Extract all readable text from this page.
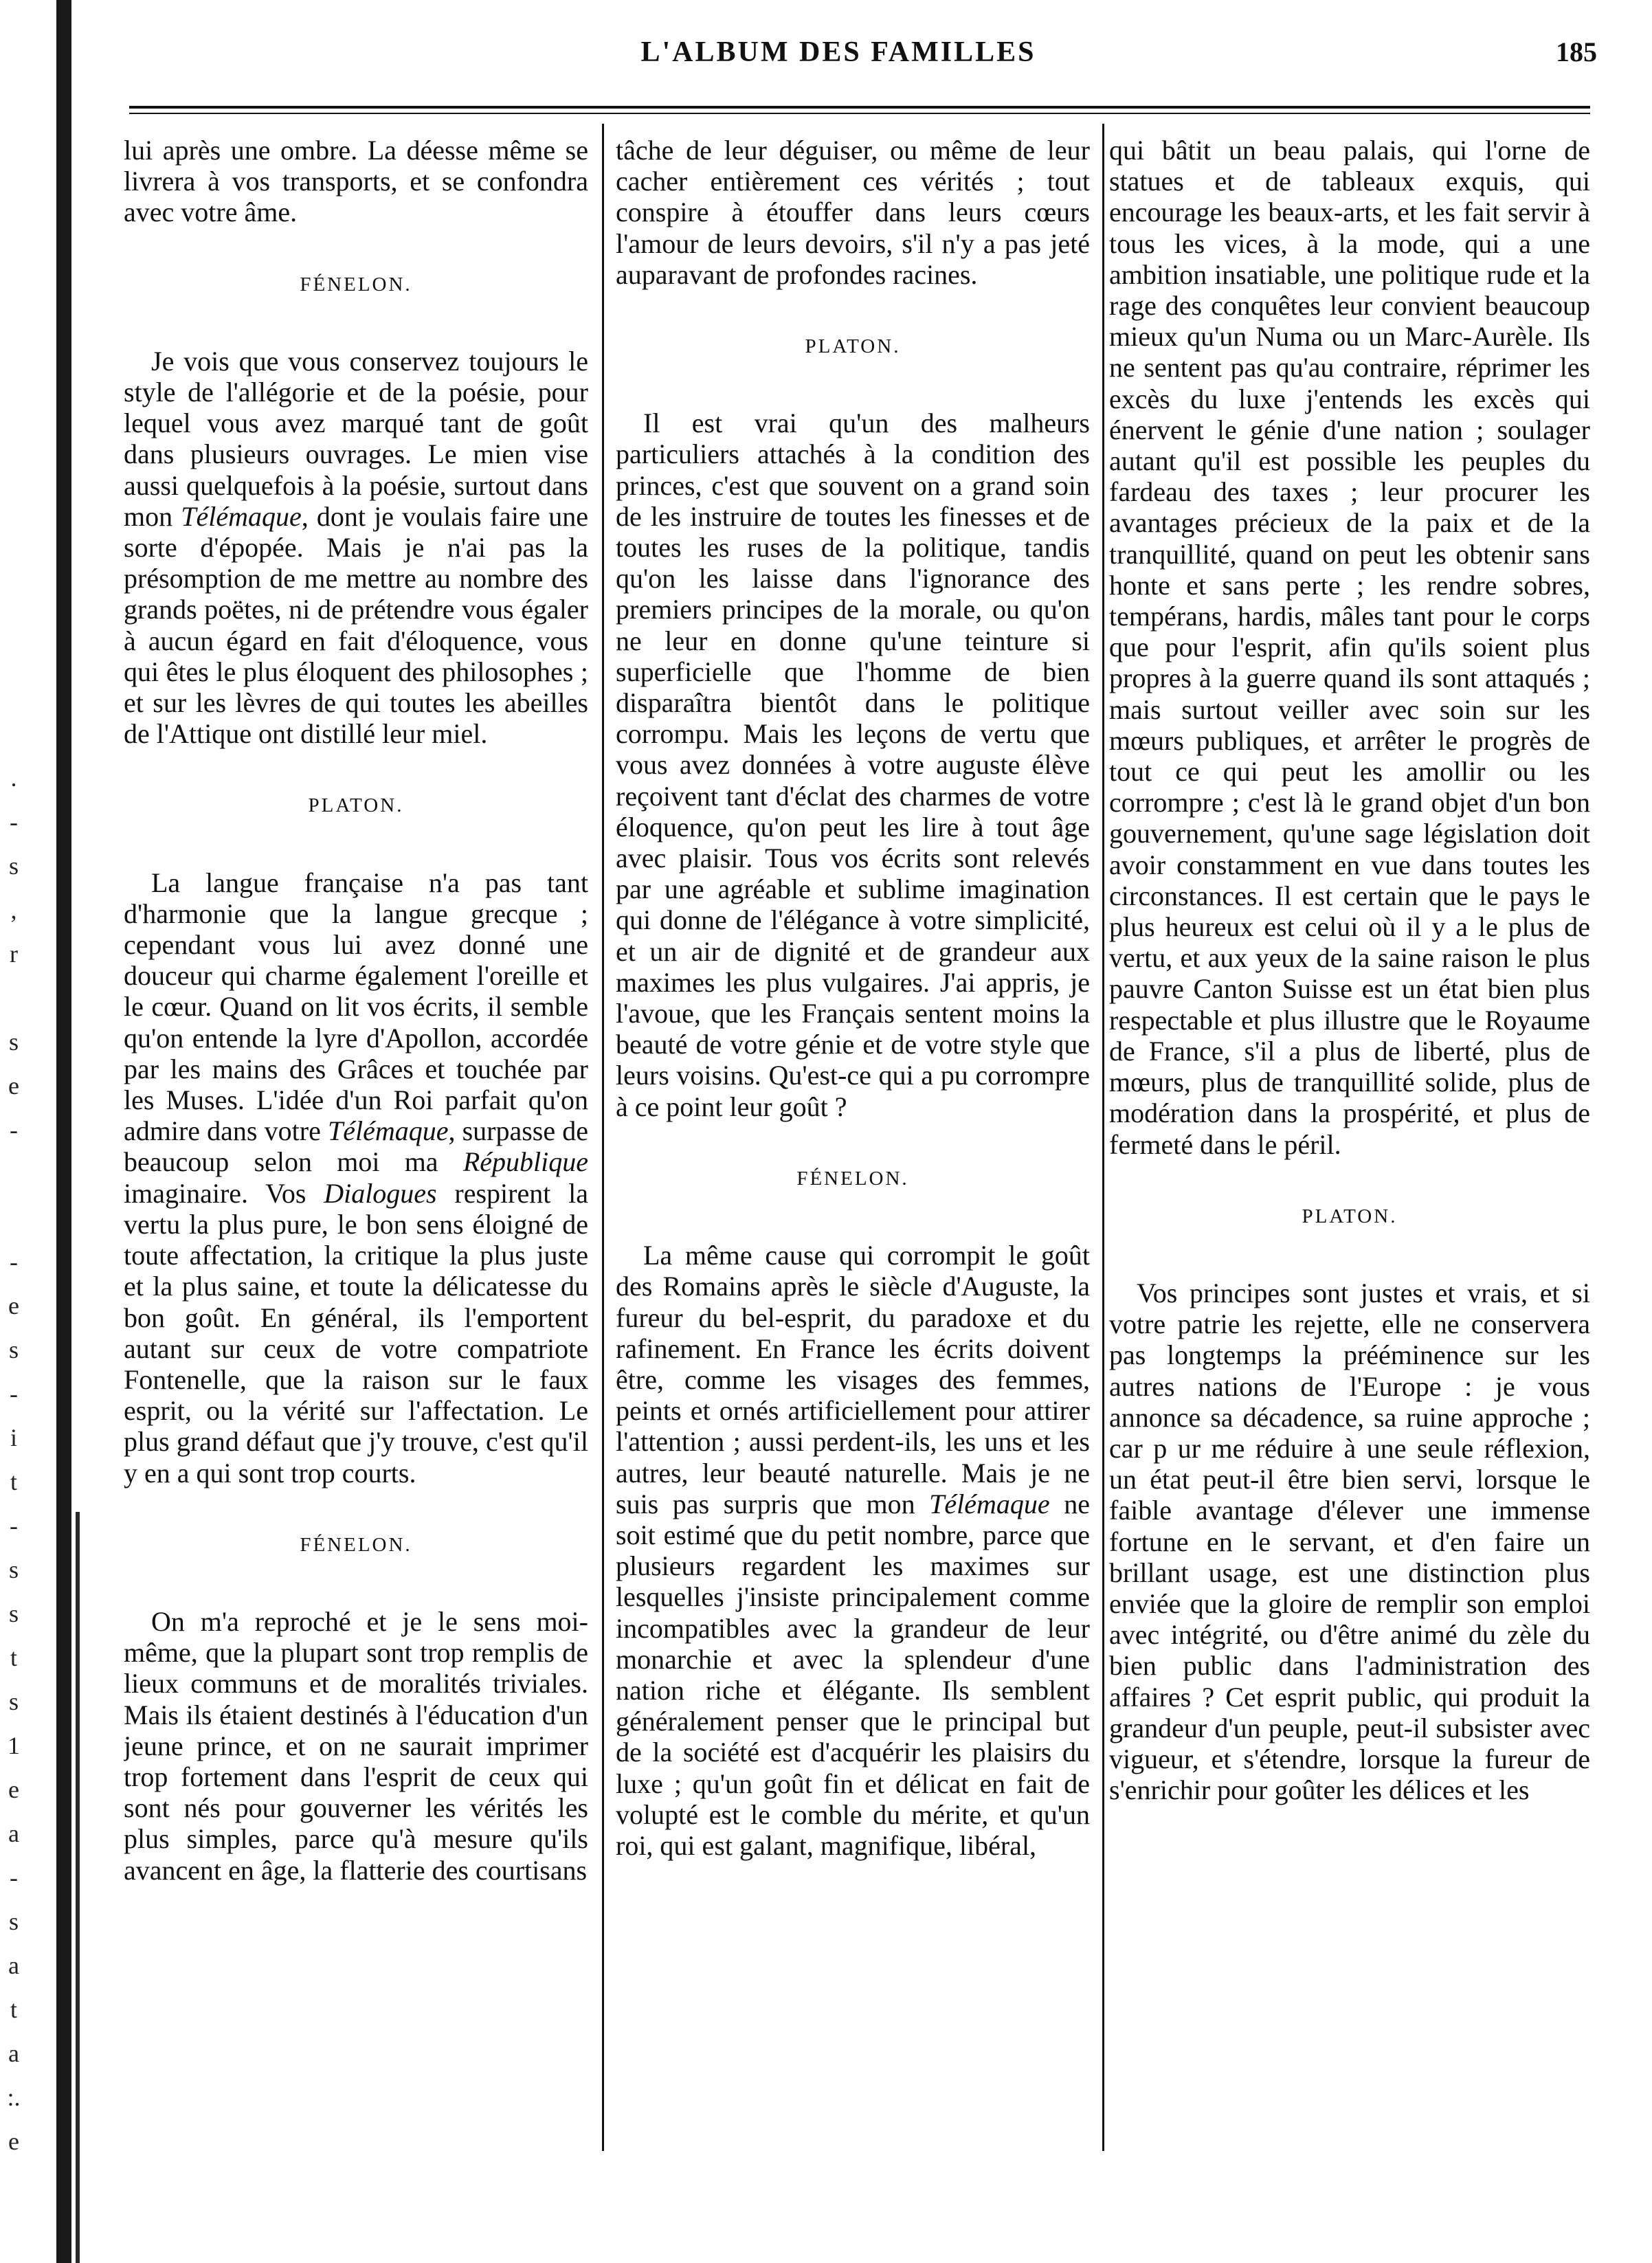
.
-
s
,
r
s
e
-
-
e
s
-
i
t
-
s
s
t
s
1
e
a
-
s
a
t
a
:.
e
L'ALBUM DES FAMILLES	185

lui après une ombre. La déesse même se livrera à vos transports, et se confondra avec votre âme.

FÉNELON.

Je vois que vous conservez toujours le style de l'allégorie et de la poésie, pour lequel vous avez marqué tant de goût dans plusieurs ouvrages. Le mien vise aussi quelquefois à la poésie, surtout dans mon Télémaque, dont je voulais faire une sorte d'épopée. Mais je n'ai pas la présomption de me mettre au nombre des grands poëtes, ni de prétendre vous égaler à aucun égard en fait d'éloquence, vous qui êtes le plus éloquent des philosophes ; et sur les lèvres de qui toutes les abeilles de l'Attique ont distillé leur miel.

PLATON.

La langue française n'a pas tant d'harmonie que la langue grecque ; cependant vous lui avez donné une douceur qui charme également l'oreille et le cœur. Quand on lit vos écrits, il semble qu'on entende la lyre d'Apollon, accordée par les mains des Grâces et touchée par les Muses. L'idée d'un Roi parfait qu'on admire dans votre Télémaque, surpasse de beaucoup selon moi ma République imaginaire. Vos Dialogues respirent la vertu la plus pure, le bon sens éloigné de toute affectation, la critique la plus juste et la plus saine, et toute la délicatesse du bon goût. En général, ils l'emportent autant sur ceux de votre compatriote Fontenelle, que la raison sur le faux esprit, ou la vérité sur l'affectation. Le plus grand défaut que j'y trouve, c'est qu'il y en a qui sont trop courts.

FÉNELON.

On m'a reproché et je le sens moi-même, que la plupart sont trop remplis de lieux communs et de moralités triviales. Mais ils étaient destinés à l'éducation d'un jeune prince, et on ne saurait imprimer trop fortement dans l'esprit de ceux qui sont nés pour gouverner les vérités les plus simples, parce qu'à mesure qu'ils avancent en âge, la flatterie des courtisans

tâche de leur déguiser, ou même de leur cacher entièrement ces vérités ; tout conspire à étouffer dans leurs cœurs l'amour de leurs devoirs, s'il n'y a pas jeté auparavant de profondes racines.

PLATON.

Il est vrai qu'un des malheurs particuliers attachés à la condition des princes, c'est que souvent on a grand soin de les instruire de toutes les finesses et de toutes les ruses de la politique, tandis qu'on les laisse dans l'ignorance des premiers principes de la morale, ou qu'on ne leur en donne qu'une teinture si superficielle que l'homme de bien disparaîtra bientôt dans le politique corrompu. Mais les leçons de vertu que vous avez données à votre auguste élève reçoivent tant d'éclat des charmes de votre éloquence, qu'on peut les lire à tout âge avec plaisir. Tous vos écrits sont relevés par une agréable et sublime imagination qui donne de l'élégance à votre simplicité, et un air de dignité et de grandeur aux maximes les plus vulgaires. J'ai appris, je l'avoue, que les Français sentent moins la beauté de votre génie et de votre style que leurs voisins. Qu'est-ce qui a pu corrompre à ce point leur goût ?

FÉNELON.

La même cause qui corrompit le goût des Romains après le siècle d'Auguste, la fureur du bel-esprit, du paradoxe et du rafinement. En France les écrits doivent être, comme les visages des femmes, peints et ornés artificiellement pour attirer l'attention ; aussi perdent-ils, les uns et les autres, leur beauté naturelle. Mais je ne suis pas surpris que mon Télémaque ne soit estimé que du petit nombre, parce que plusieurs regardent les maximes sur lesquelles j'insiste principalement comme incompatibles avec la grandeur de leur monarchie et avec la splendeur d'une nation riche et élégante. Ils semblent généralement penser que le principal but de la société est d'acquérir les plaisirs du luxe ; qu'un goût fin et délicat en fait de volupté est le comble du mérite, et qu'un roi, qui est galant, magnifique, libéral,

qui bâtit un beau palais, qui l'orne de statues et de tableaux exquis, qui encourage les beaux-arts, et les fait servir à tous les vices, à la mode, qui a une ambition insatiable, une politique rude et la rage des conquêtes leur convient beaucoup mieux qu'un Numa ou un Marc-Aurèle. Ils ne sentent pas qu'au contraire, réprimer les excès du luxe j'entends les excès qui énervent le génie d'une nation ; soulager autant qu'il est possible les peuples du fardeau des taxes ; leur procurer les avantages précieux de la paix et de la tranquillité, quand on peut les obtenir sans honte et sans perte ; les rendre sobres, tempérans, hardis, mâles tant pour le corps que pour l'esprit, afin qu'ils soient plus propres à la guerre quand ils sont attaqués ; mais surtout veiller avec soin sur les mœurs publiques, et arrêter le progrès de tout ce qui peut les amollir ou les corrompre ; c'est là le grand objet d'un bon gouvernement, qu'une sage législation doit avoir constamment en vue dans toutes les circonstances. Il est certain que le pays le plus heureux est celui où il y a le plus de vertu, et aux yeux de la saine raison le plus pauvre Canton Suisse est un état bien plus respectable et plus illustre que le Royaume de France, s'il a plus de liberté, plus de mœurs, plus de tranquillité solide, plus de modération dans la prospérité, et plus de fermeté dans le péril.

PLATON.

Vos principes sont justes et vrais, et si votre patrie les rejette, elle ne conservera pas longtemps la prééminence sur les autres nations de l'Europe : je vous annonce sa décadence, sa ruine approche ; car p ur me réduire à une seule réflexion, un état peut-il être bien servi, lorsque le faible avantage d'élever une immense fortune en le servant, et d'en faire un brillant usage, est une distinction plus enviée que la gloire de remplir son emploi avec intégrité, ou d'être animé du zèle du bien public dans l'administration des affaires ? Cet esprit public, qui produit la grandeur d'un peuple, peut-il subsister avec vigueur, et s'étendre, lorsque la fureur de s'enrichir pour goûter les délices et les
